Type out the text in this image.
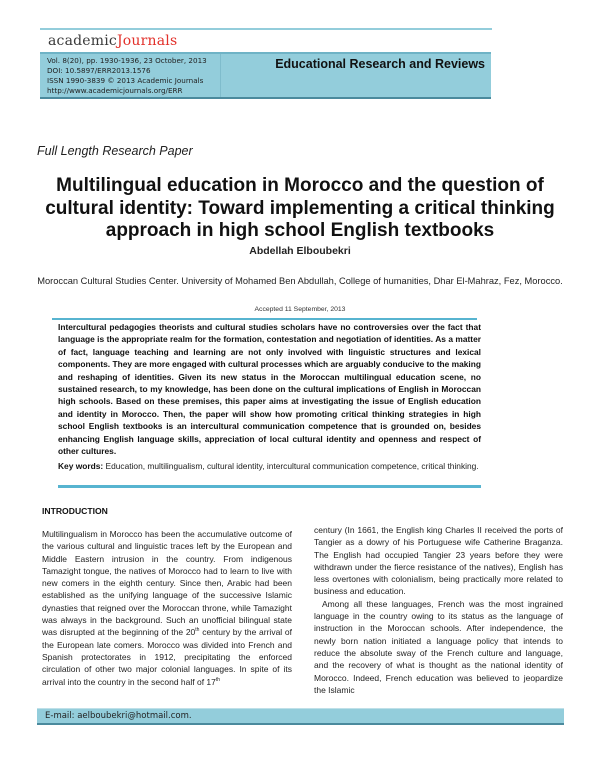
academicJournals
Vol. 8(20), pp. 1930-1936, 23 October, 2013
DOI: 10.5897/ERR2013.1576
ISSN 1990-3839 © 2013 Academic Journals
http://www.academicjournals.org/ERR
Educational Research and Reviews
Full Length Research Paper
Multilingual education in Morocco and the question of cultural identity: Toward implementing a critical thinking approach in high school English textbooks
Abdellah Elboubekri
Moroccan Cultural Studies Center. University of Mohamed Ben Abdullah, College of humanities, Dhar El-Mahraz, Fez, Morocco.
Accepted 11 September, 2013
Intercultural pedagogies theorists and cultural studies scholars have no controversies over the fact that language is the appropriate realm for the formation, contestation and negotiation of identities. As a matter of fact, language teaching and learning are not only involved with linguistic structures and lexical components. They are more engaged with cultural processes which are arguably conducive to the making and reshaping of identities. Given its new status in the Moroccan multilingual education scene, no sustained research, to my knowledge, has been done on the cultural implications of English in Moroccan high schools. Based on these premises, this paper aims at investigating the issue of English education and identity in Morocco. Then, the paper will show how promoting critical thinking strategies in high school English textbooks is an intercultural communication competence that is grounded on, besides enhancing English language skills, appreciation of local cultural identity and openness and respect of other cultures.
Key words: Education, multilingualism, cultural identity, intercultural communication competence, critical thinking.
INTRODUCTION

Multilingualism in Morocco has been the accumulative outcome of the various cultural and linguistic traces left by the European and Middle Eastern intrusion in the country. From indigenous Tamazight tongue, the natives of Morocco had to learn to live with new comers in the eighth century. Since then, Arabic had been established as the unifying language of the successive Islamic dynasties that reigned over the Moroccan throne, while Tamazight was always in the background. Such an unofficial bilingual state was disrupted at the beginning of the 20th century by the arrival of the European late comers. Morocco was divided into French and Spanish protectorates in 1912, precipitating the enforced circulation of other two major colonial languages. In spite of its arrival into the country in the second half of 17th

century (In 1661, the English king Charles II received the ports of Tangier as a dowry of his Portuguese wife Catherine Braganza. The English had occupied Tangier 23 years before they were withdrawn under the fierce resistance of the natives), English has less overtones with colonialism, being practically more related to business and education.

Among all these languages, French was the most ingrained language in the country owing to its status as the language of instruction in the Moroccan schools. After independence, the newly born nation initiated a language policy that intends to reduce the absolute sway of the French culture and language, and the recovery of what is thought as the national identity of Morocco. Indeed, French education was believed to jeopardize the Islamic

E-mail: aelboubekri@hotmail.com.
